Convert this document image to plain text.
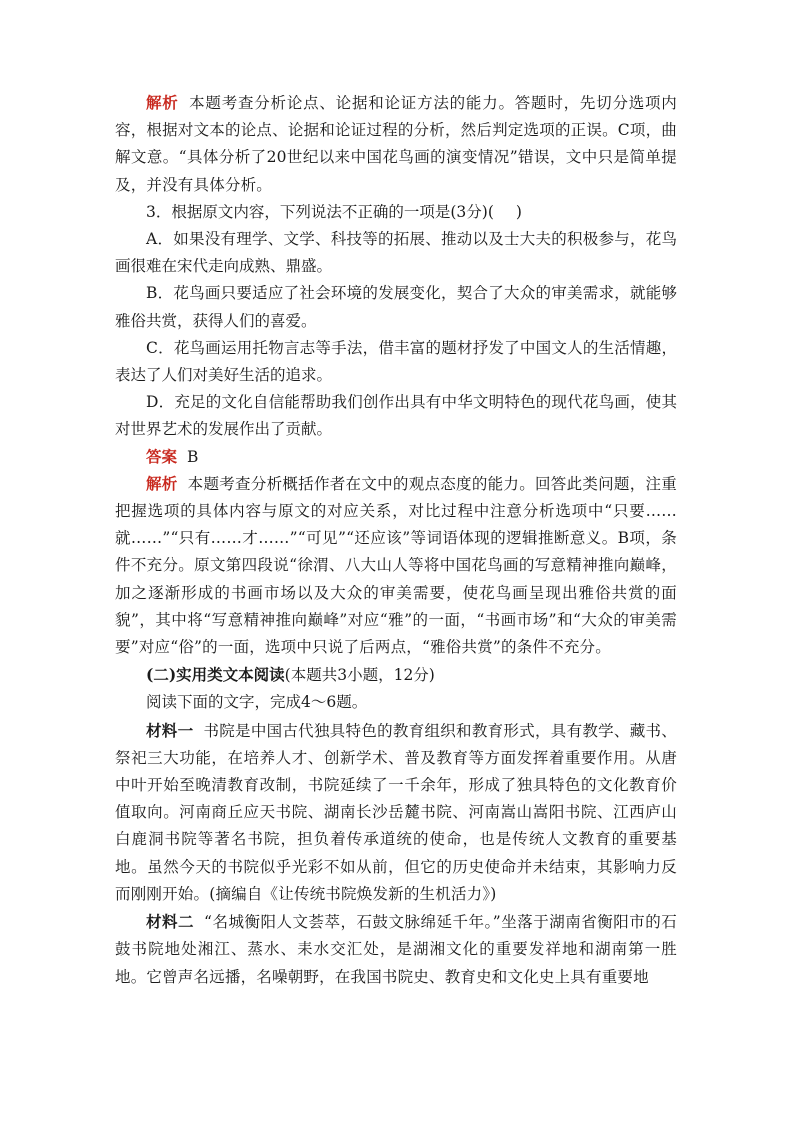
解析 本题考查分析论点、论据和论证方法的能力。答题时，先切分选项内容，根据对文本的论点、论据和论证过程的分析，然后判定选项的正误。C项，曲解文意。“具体分析了20世纪以来中国花鸟画的演变情况”错误，文中只是简单提及，并没有具体分析。

3．根据原文内容，下列说法不正确的一项是(3分)( )

A．如果没有理学、文学、科技等的拓展、推动以及士大夫的积极参与，花鸟画很难在宋代走向成熟、鼎盛。

B．花鸟画只要适应了社会环境的发展变化，契合了大众的审美需求，就能够雅俗共赏，获得人们的喜爱。

C．花鸟画运用托物言志等手法，借丰富的题材抒发了中国文人的生活情趣，表达了人们对美好生活的追求。

D．充足的文化自信能帮助我们创作出具有中华文明特色的现代花鸟画，使其对世界艺术的发展作出了贡献。

答案 B

解析 本题考查分析概括作者在文中的观点态度的能力。回答此类问题，注重把握选项的具体内容与原文的对应关系，对比过程中注意分析选项中“只要……就……”“只有……才……”“可见”“还应该”等词语体现的逻辑推断意义。B项，条件不充分。原文第四段说“徐渭、八大山人等将中国花鸟画的写意精神推向巅峰，加之逐渐形成的书画市场以及大众的审美需要，使花鸟画呈现出雅俗共赏的面貌”，其中将“写意精神推向巅峰”对应“雅”的一面，“书画市场”和“大众的审美需要”对应“俗”的一面，选项中只说了后两点，“雅俗共赏”的条件不充分。

(二)实用类文本阅读(本题共3小题，12分)

阅读下面的文字，完成4～6题。

材料一 书院是中国古代独具特色的教育组织和教育形式，具有教学、藏书、祭祀三大功能，在培养人才、创新学术、普及教育等方面发挥着重要作用。从唐中叶开始至晚清教育改制，书院延续了一千余年，形成了独具特色的文化教育价值取向。河南商丘应天书院、湖南长沙岳麓书院、河南嵩山嵩阳书院、江西庐山白鹿洞书院等著名书院，担负着传承道统的使命，也是传统人文教育的重要基地。虽然今天的书院似乎光彩不如从前，但它的历史使命并未结束，其影响力反而刚刚开始。(摘编自《让传统书院焕发新的生机活力》)

材料二 “名城衡阳人文荟萃，石鼓文脉绵延千年。”坐落于湖南省衡阳市的石鼓书院地处湘江、蒸水、耒水交汇处，是湖湘文化的重要发祥地和湖南第一胜地。它曾声名远播，名噪朝野，在我国书院史、教育史和文化史上具有重要地
